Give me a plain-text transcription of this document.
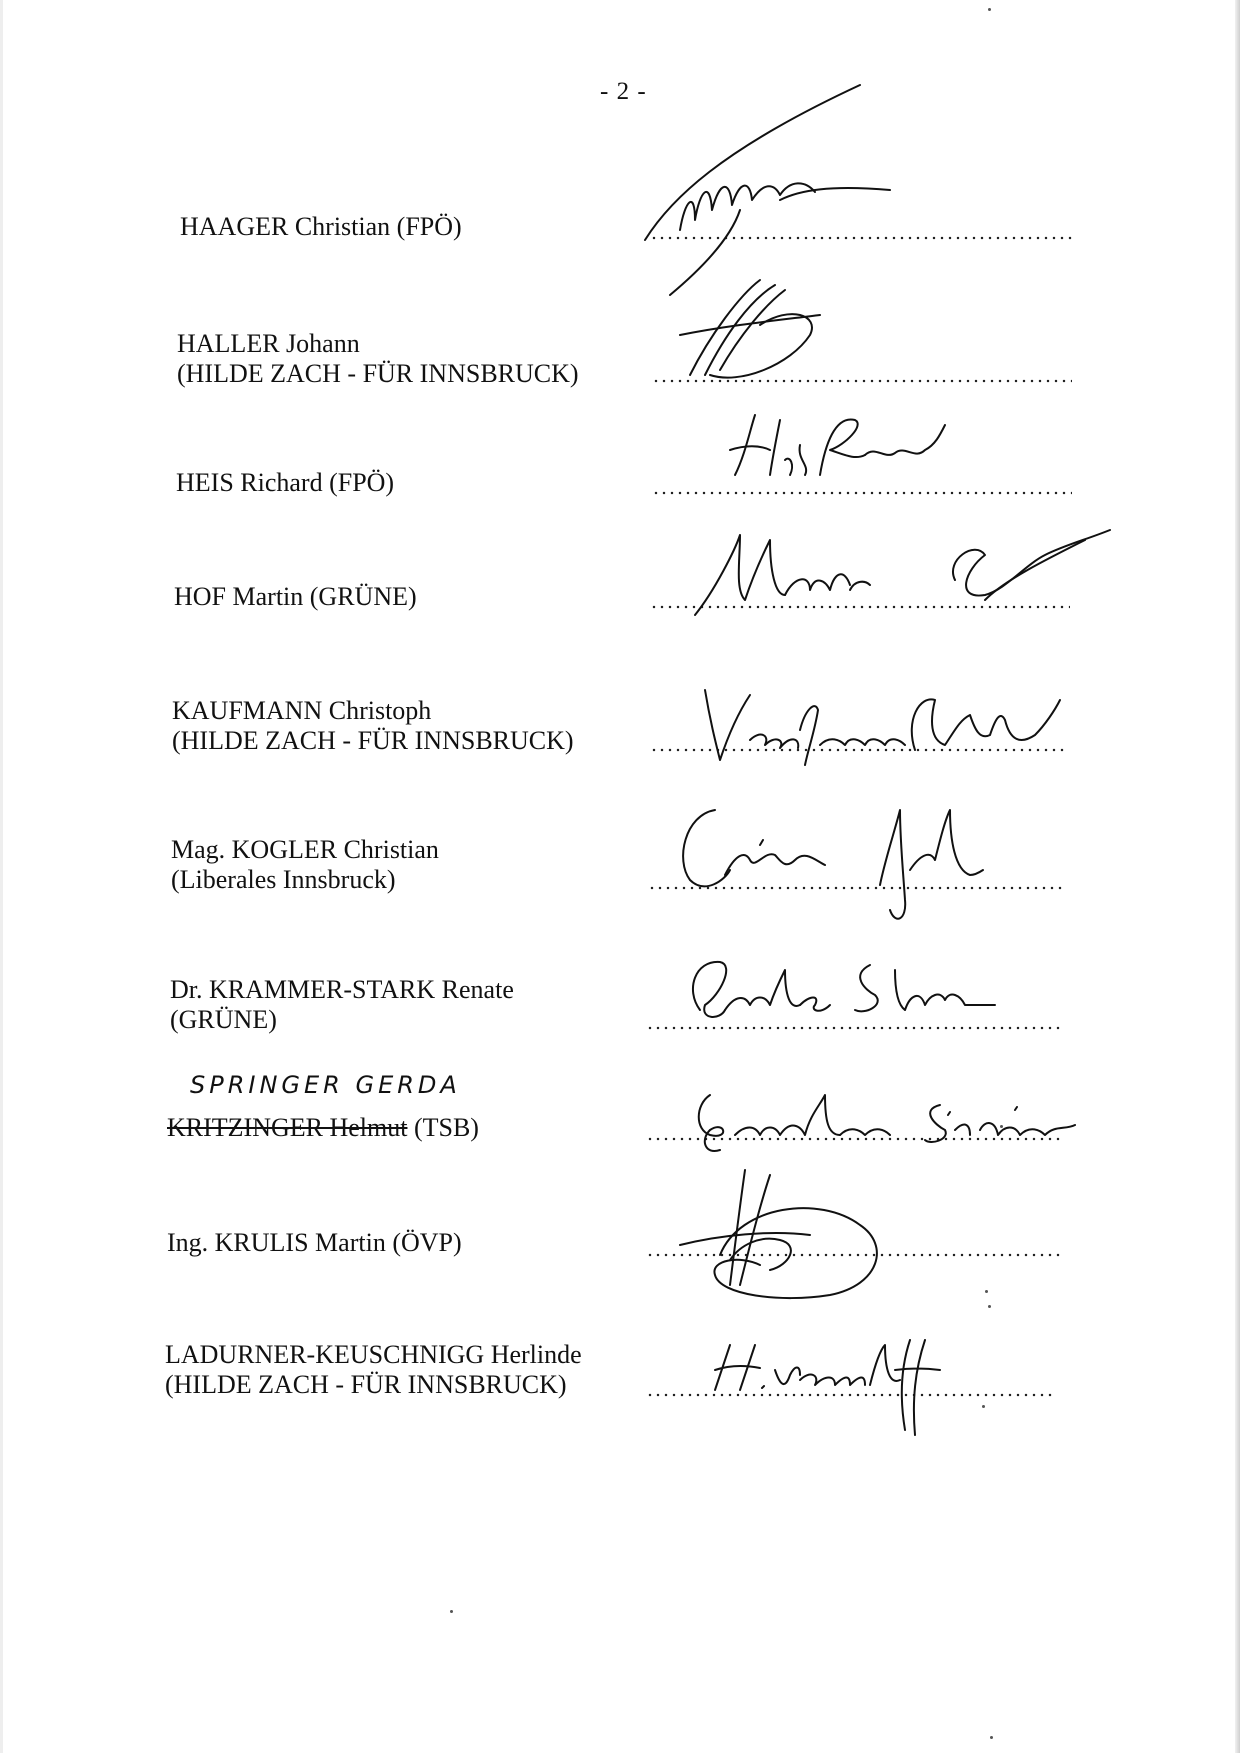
- 2 -
HAAGER Christian (FPÖ)
HALLER Johann
(HILDE ZACH - FÜR INNSBRUCK)
HEIS Richard (FPÖ)
HOF Martin (GRÜNE)
KAUFMANN Christoph
(HILDE ZACH - FÜR INNSBRUCK)
Mag. KOGLER Christian
(Liberales Innsbruck)
Dr. KRAMMER-STARK Renate
(GRÜNE)
SPRINGER GERDA
KRITZINGER Helmut (TSB)
Ing. KRULIS Martin (ÖVP)
LADURNER-KEUSCHNIGG Herlinde
(HILDE ZACH - FÜR INNSBRUCK)
